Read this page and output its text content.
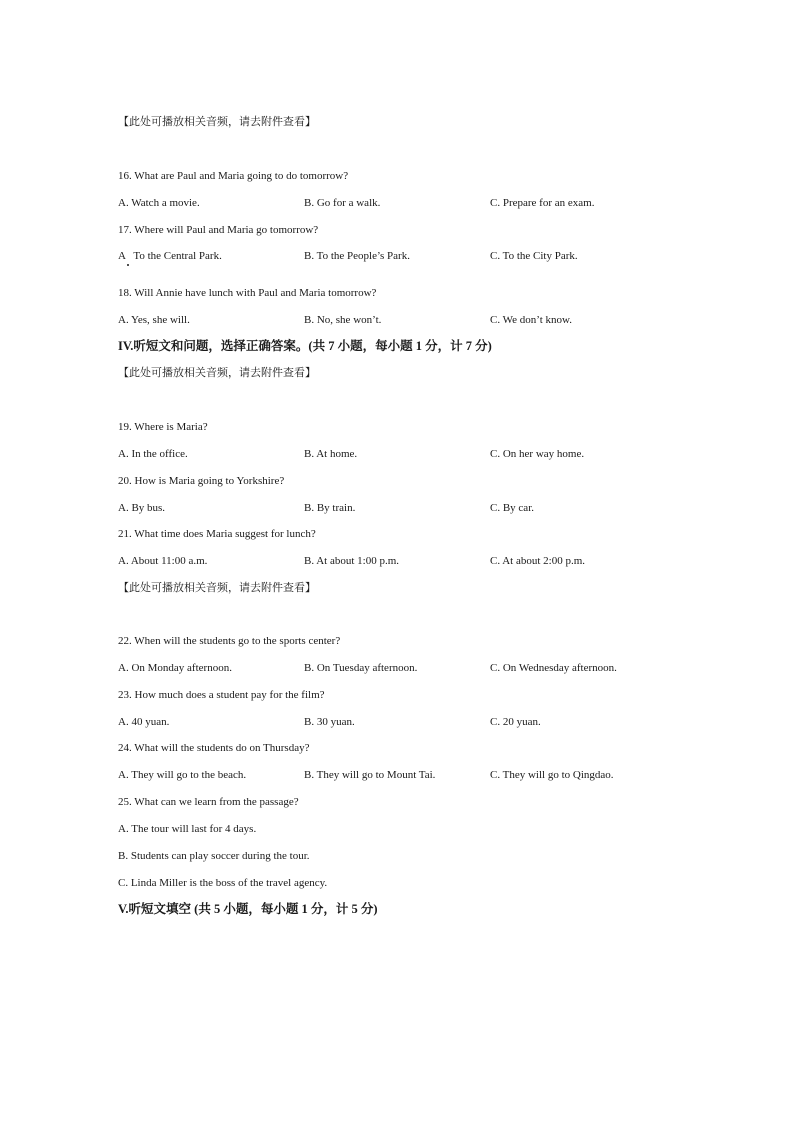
【此处可播放相关音频，请去附件查看】
16. What are Paul and Maria going to do tomorrow?
A. Watch a movie.	B. Go for a walk.	C. Prepare for an exam.
17. Where will Paul and Maria go tomorrow?
A   To the Central Park.	B. To the People’s Park.	C. To the City Park.
18. Will Annie have lunch with Paul and Maria tomorrow?
A. Yes, she will.	B. No, she won’t.	C. We don’t know.
IV.听短文和问题，选择正确答案。(共 7 小题，每小题 1 分，计 7 分)
【此处可播放相关音频，请去附件查看】
19. Where is Maria?
A. In the office.	B. At home.	C. On her way home.
20. How is Maria going to Yorkshire?
A. By bus.	B. By train.	C. By car.
21. What time does Maria suggest for lunch?
A. About 11:00 a.m.	B. At about 1:00 p.m.	C. At about 2:00 p.m.
【此处可播放相关音频，请去附件查看】
22. When will the students go to the sports center?
A. On Monday afternoon.	B. On Tuesday afternoon.	C. On Wednesday afternoon.
23. How much does a student pay for the film?
A. 40 yuan.	B. 30 yuan.	C. 20 yuan.
24. What will the students do on Thursday?
A. They will go to the beach.	B. They will go to Mount Tai.	C. They will go to Qingdao.
25. What can we learn from the passage?
A. The tour will last for 4 days.
B. Students can play soccer during the tour.
C. Linda Miller is the boss of the travel agency.
V.听短文填空 (共 5 小题，每小题 1 分，计 5 分)
